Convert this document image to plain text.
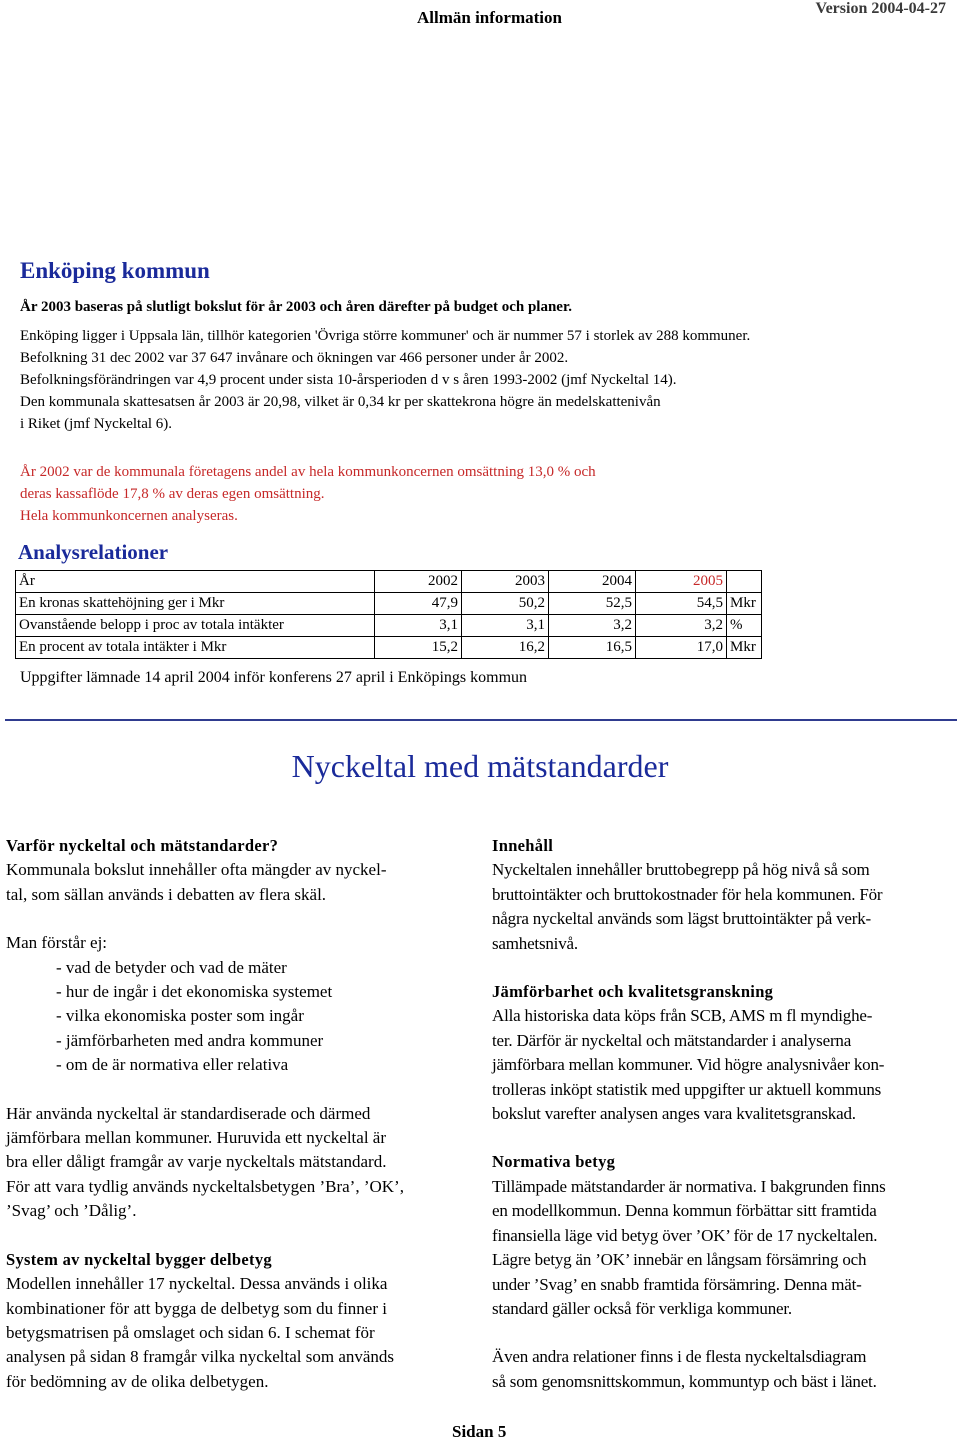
Allmän information	Version 2004-04-27
Enköping kommun
År 2003 baseras på slutligt bokslut för år 2003 och åren därefter på budget och planer.
Enköping ligger i Uppsala län, tillhör kategorien 'Övriga större kommuner' och är nummer 57 i storlek av 288 kommuner.
Befolkning 31 dec 2002 var 37 647 invånare och ökningen var 466 personer under år 2002.
Befolkningsförändringen var 4,9 procent under sista 10-årsperioden d v s åren 1993-2002 (jmf Nyckeltal 14).
Den kommunala skattesatsen år 2003 är 20,98, vilket är 0,34 kr per skattekrona högre än medelskattenivån
i Riket (jmf Nyckeltal 6).
År 2002 var de kommunala företagens andel av hela kommunkoncernen omsättning 13,0 % och
deras kassaflöde 17,8 % av deras egen omsättning.
Hela kommunkoncernen analyseras.
Analysrelationer
År	2002	2003	2004	2005	
En kronas skattehöjning ger i Mkr	47,9	50,2	52,5	54,5	Mkr
Ovanstående belopp i proc av totala intäkter	3,1	3,1	3,2	3,2	%
En procent av totala intäkter i Mkr	15,2	16,2	16,5	17,0	Mkr
Uppgifter lämnade 14 april 2004 inför konferens 27 april i Enköpings kommun
Nyckeltal med mätstandarder
Varför nyckeltal och mätstandarder?
Kommunala bokslut innehåller ofta mängder av nyckel-
tal, som sällan används i debatten av flera skäl.
Man förstår ej:
- vad de betyder och vad de mäter
- hur de ingår i det ekonomiska systemet
- vilka ekonomiska poster som ingår
- jämförbarheten med andra kommuner
- om de är normativa eller relativa
Här använda nyckeltal är standardiserade och därmed
jämförbara mellan kommuner. Huruvida ett nyckeltal är
bra eller dåligt framgår av varje nyckeltals mätstandard.
För att vara tydlig används nyckeltalsbetygen ’Bra’, ’OK’,
’Svag’ och ’Dålig’.
System av nyckeltal bygger delbetyg
Modellen innehåller 17 nyckeltal. Dessa används i olika
kombinationer för att bygga de delbetyg som du finner i
betygsmatrisen på omslaget och sidan 6. I schemat för
analysen på sidan 8 framgår vilka nyckeltal som används
för bedömning av de olika delbetygen.
Innehåll
Nyckeltalen innehåller bruttobegrepp på hög nivå så som
bruttointäkter och bruttokostnader för hela kommunen. För
några nyckeltal används som lägst bruttointäkter på verk-
samhetsnivå.
Jämförbarhet och kvalitetsgranskning
Alla historiska data köps från SCB, AMS m fl myndighe-
ter. Därför är nyckeltal och mätstandarder i analyserna
jämförbara mellan kommuner. Vid högre analysnivåer kon-
trolleras inköpt statistik med uppgifter ur aktuell kommuns
bokslut varefter analysen anges vara kvalitetsgranskad.
Normativa betyg
Tillämpade mätstandarder är normativa. I bakgrunden finns
en modellkommun. Denna kommun förbättar sitt framtida
finansiella läge vid betyg över ’OK’ för de 17 nyckeltalen.
Lägre betyg än ’OK’ innebär en långsam försämring och
under ’Svag’ en snabb framtida försämring. Denna mät-
standard gäller också för verkliga kommuner.
Även andra relationer finns i de flesta nyckeltalsdiagram
så som genomsnittskommun, kommuntyp och bäst i länet.
Sidan 5
